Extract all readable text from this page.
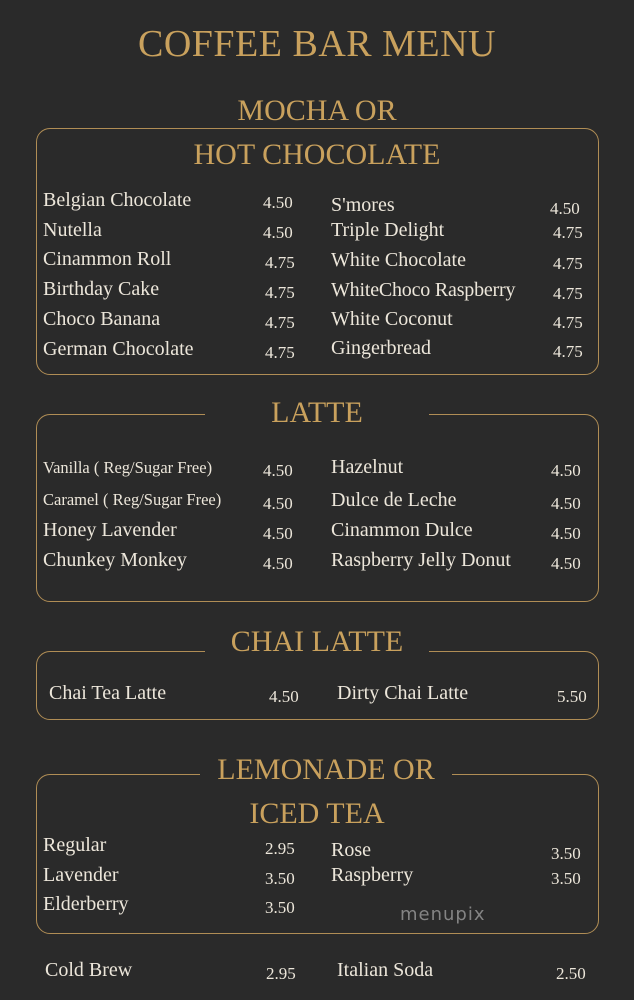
COFFEE BAR MENU
MOCHA OR
HOT CHOCOLATE
Belgian Chocolate	4.50
Nutella	4.50
Cinammon Roll	4.75
Birthday Cake	4.75
Choco Banana	4.75
German Chocolate	4.75
S'mores	4.50
Triple Delight	4.75
White Chocolate	4.75
WhiteChoco Raspberry 4.75
White Coconut	4.75
Gingerbread	4.75
LATTE
Vanilla ( Reg/Sugar Free)	4.50
Caramel ( Reg/Sugar Free) 4.50
Honey Lavender	4.50
Chunkey Monkey	4.50
Hazelnut	4.50
Dulce de Leche	4.50
Cinammon Dulce	4.50
Raspberry Jelly Donut 4.50
CHAI LATTE
Chai Tea Latte	4.50 Dirty Chai Latte	5.50
LEMONADE OR
ICED TEA
Regular	2.95
Lavender	3.50
Elderberry	3.50
Rose	3.50
Raspberry	3.50
Cold Brew	2.95 Italian Soda	2.50
menupix
